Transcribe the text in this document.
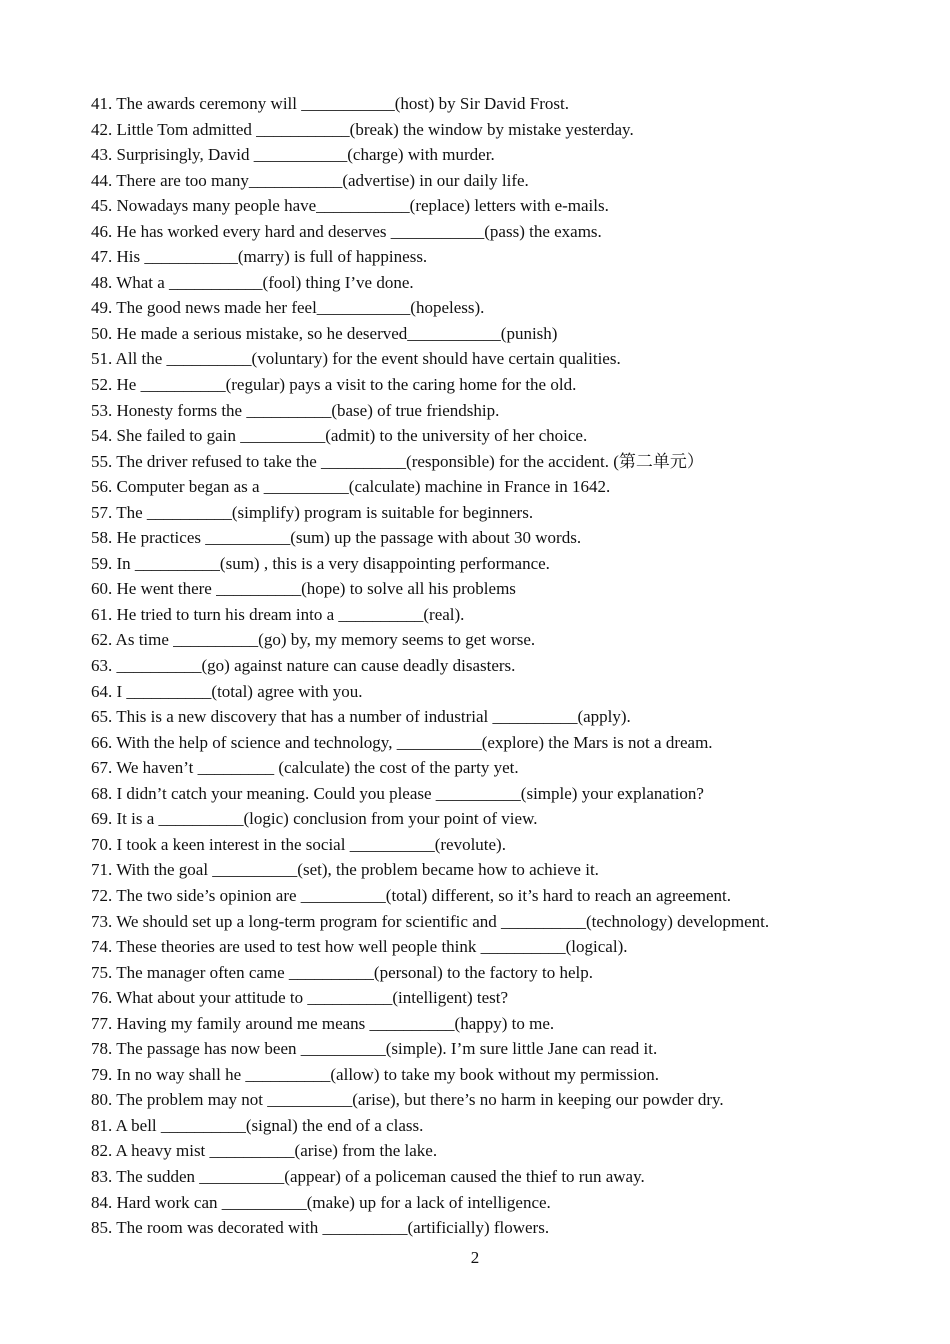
41. The awards ceremony will ___________(host) by Sir David Frost.
42. Little Tom admitted ___________(break) the window by mistake yesterday.
43. Surprisingly, David ___________(charge) with murder.
44. There are too many___________(advertise) in our daily life.
45. Nowadays many people have___________(replace) letters with e-mails.
46. He has worked every hard and deserves ___________(pass) the exams.
47. His ___________(marry) is full of happiness.
48. What a ___________(fool) thing I’ve done.
49. The good news made her feel___________(hopeless).
50. He made a serious mistake, so he deserved___________(punish)
51. All the __________(voluntary) for the event should have certain qualities.
52. He __________(regular) pays a visit to the caring home for the old.
53. Honesty forms the __________(base) of true friendship.
54. She failed to gain __________(admit) to the university of her choice.
55. The driver refused to take the __________(responsible) for the accident. (第二单元）
56. Computer began as a __________(calculate) machine in France in 1642.
57. The __________(simplify) program is suitable for beginners.
58. He practices __________(sum) up the passage with about 30 words.
59. In __________(sum) , this is a very disappointing performance.
60. He went there __________(hope) to solve all his problems
61. He tried to turn his dream into a __________(real).
62. As time __________(go) by, my memory seems to get worse.
63. __________(go) against nature can cause deadly disasters.
64. I __________(total) agree with you.
65. This is a new discovery that has a number of industrial __________(apply).
66. With the help of science and technology, __________(explore) the Mars is not a dream.
67. We haven’t _________ (calculate) the cost of the party yet.
68. I didn’t catch your meaning. Could you please __________(simple) your explanation?
69. It is a __________(logic) conclusion from your point of view.
70. I took a keen interest in the social __________(revolute).
71. With the goal __________(set), the problem became how to achieve it.
72. The two side’s opinion are __________(total) different, so it’s hard to reach an agreement.
73. We should set up a long-term program for scientific and __________(technology) development.
74. These theories are used to test how well people think __________(logical).
75. The manager often came __________(personal) to the factory to help.
76. What about your attitude to __________(intelligent) test?
77. Having my family around me means __________(happy) to me.
78. The passage has now been __________(simple). I’m sure little Jane can read it.
79. In no way shall he __________(allow) to take my book without my permission.
80. The problem may not __________(arise), but there’s no harm in keeping our powder dry.
81. A bell __________(signal) the end of a class.
82. A heavy mist __________(arise) from the lake.
83. The sudden __________(appear) of a policeman caused the thief to run away.
84. Hard work can __________(make) up for a lack of intelligence.
85. The room was decorated with __________(artificially) flowers.
2
